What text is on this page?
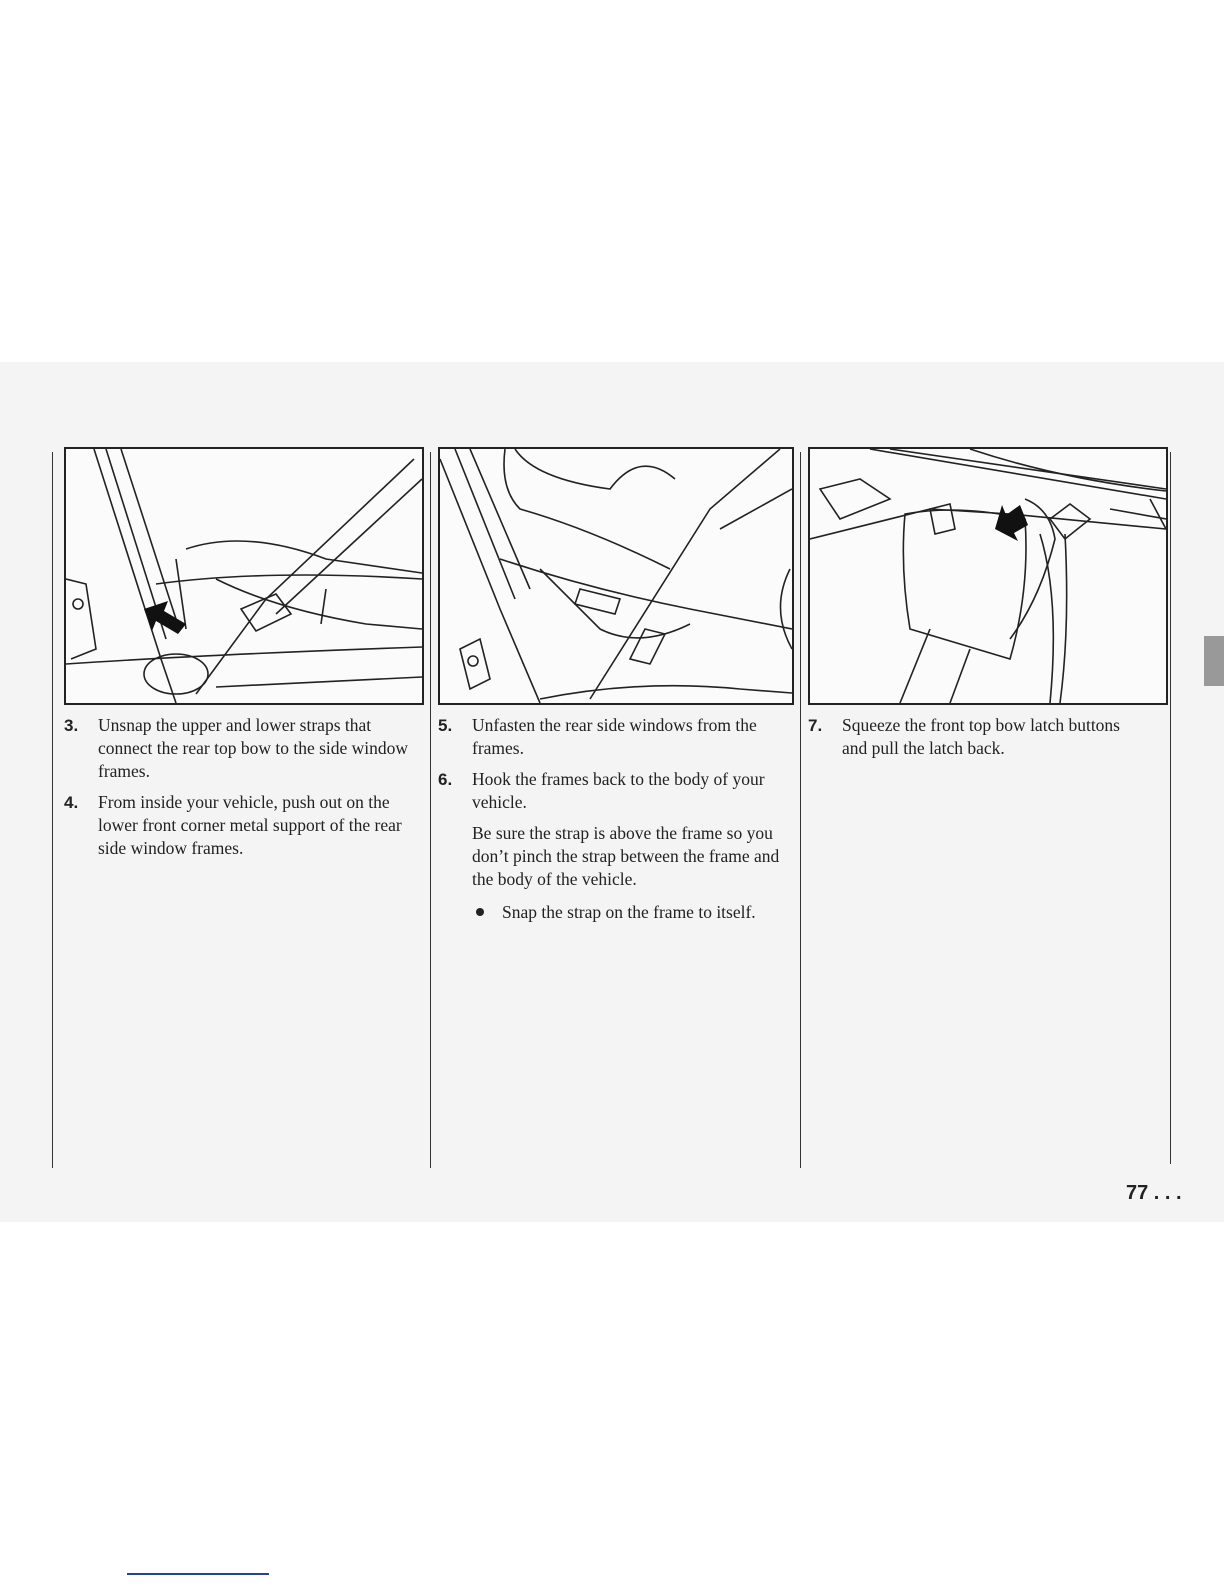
3. Unsnap the upper and lower straps that connect the rear top bow to the side window frames.
4. From inside your vehicle, push out on the lower front corner metal support of the rear side window frames.
5. Unfasten the rear side windows from the frames.
6. Hook the frames back to the body of your vehicle.
Be sure the strap is above the frame so you don’t pinch the strap between the frame and the body of the vehicle.
Snap the strap on the frame to itself.
7. Squeeze the front top bow latch buttons and pull the latch back.
77 . . .
